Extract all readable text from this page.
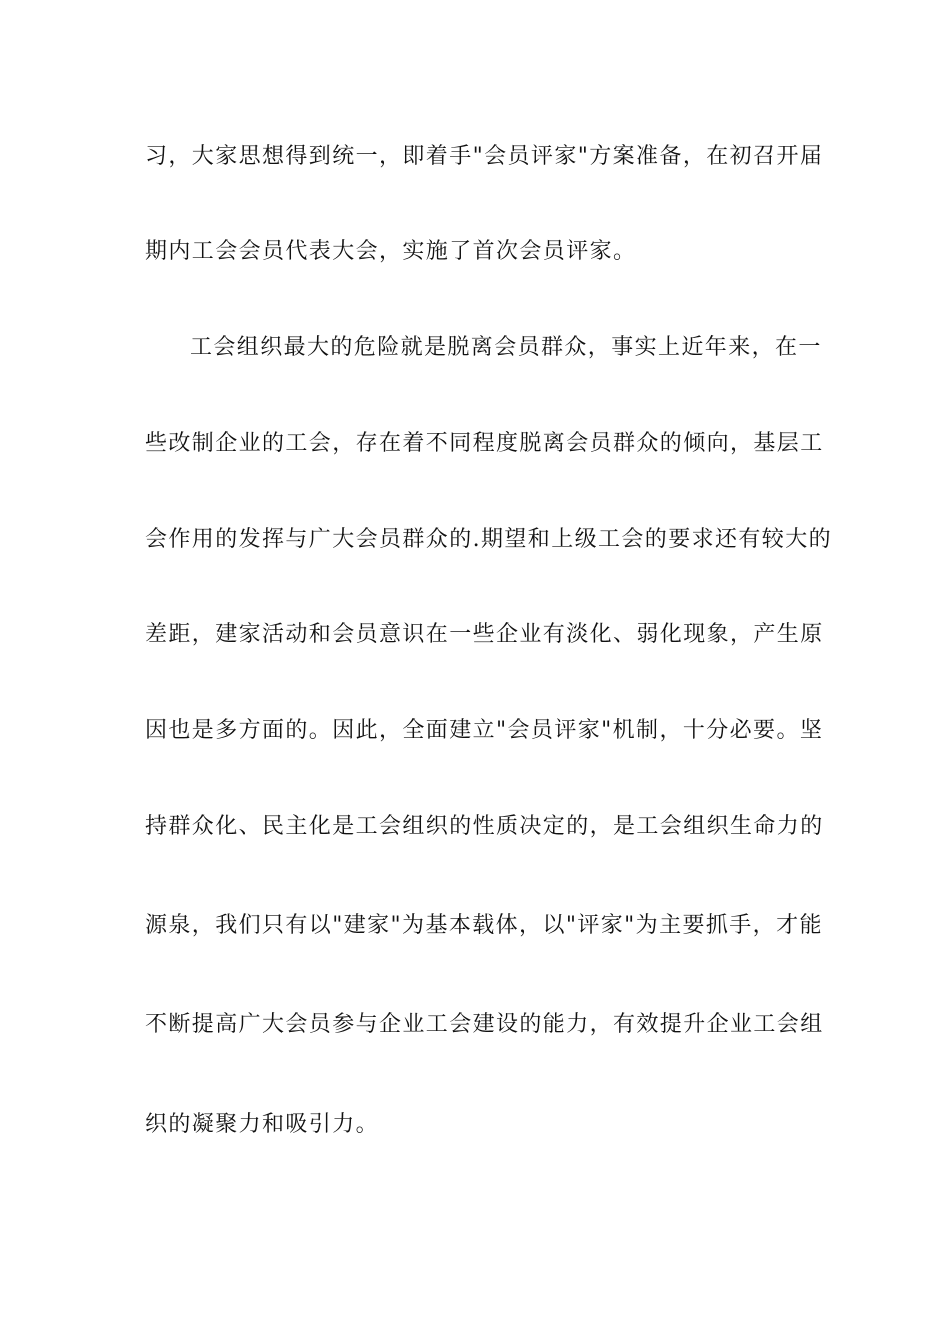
习，大家思想得到统一，即着手"会员评家"方案准备，在初召开届
期内工会会员代表大会，实施了首次会员评家。
工会组织最大的危险就是脱离会员群众，事实上近年来，在一
些改制企业的工会，存在着不同程度脱离会员群众的倾向，基层工
会作用的发挥与广大会员群众的.期望和上级工会的要求还有较大的
差距，建家活动和会员意识在一些企业有淡化、弱化现象，产生原
因也是多方面的。因此，全面建立"会员评家"机制，十分必要。坚
持群众化、民主化是工会组织的性质决定的，是工会组织生命力的
源泉，我们只有以"建家"为基本载体，以"评家"为主要抓手，才能
不断提高广大会员参与企业工会建设的能力，有效提升企业工会组
织的凝聚力和吸引力。
